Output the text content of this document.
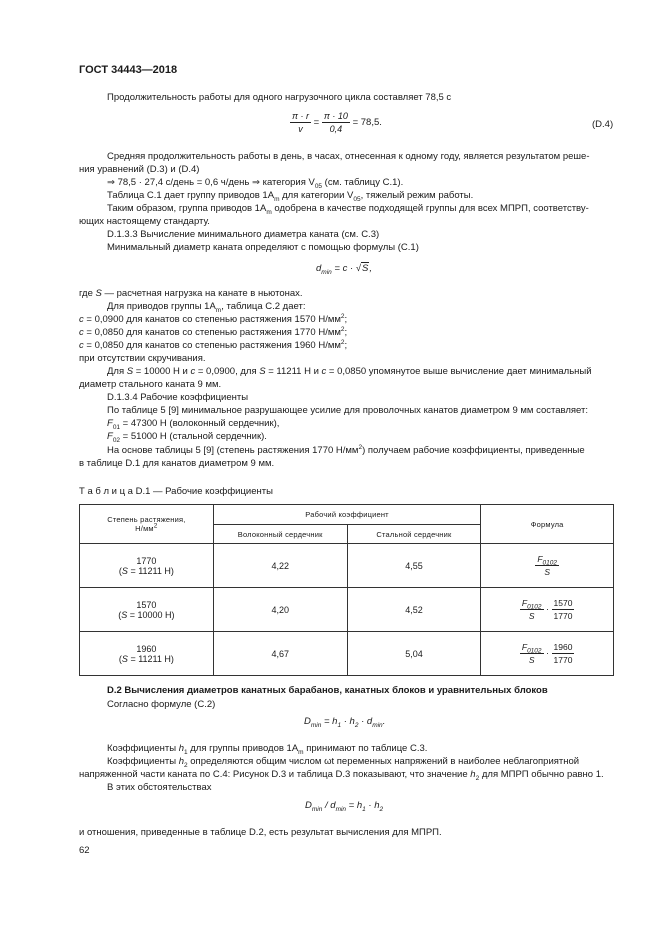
ГОСТ 34443—2018
Продолжительность работы для одного нагрузочного цикла составляет 78,5 с
$\frac{\pi \cdot r}{v} = \frac{\pi \cdot 10}{0,4} = 78,5$.	(D.4)
Средняя продолжительность работы в день, в часах, отнесенная к одному году, является результатом реше-
ния уравнений (D.3) и (D.4)
⇒ 78,5 · 27,4 с/день = 0,6 ч/день ⇒ категория $V_{05}$ (см. таблицу С.1).
Таблица С.1 дает группу приводов $1А_m$ для категории $V_{05}$, тяжелый режим работы.
Таким образом, группа приводов $1А_m$ одобрена в качестве подходящей группы для всех МПРП, соответству-
ющих настоящему стандарту.
D.1.3.3 Вычисление минимального диаметра каната (см. С.3)
Минимальный диаметр каната определяют с помощью формулы (С.1)
$d_{min} = c \cdot √S$,
где S — расчетная нагрузка на канате в ньютонах.
Для приводов группы $1А_m$, таблица С.2 дает:
c = 0,0900 для канатов со степенью растяжения 1570 $Н/мм^2$;
c = 0,0850 для канатов со степенью растяжения 1770 $Н/мм^2$;
c = 0,0850 для канатов со степенью растяжения 1960 $Н/мм^2$;
при отсутствии скручивания.
Для S = 10000 Н и c = 0,0900, для S = 11211 Н и c = 0,0850 упомянутое выше вычисление дает минимальный
диаметр стального каната 9 мм.
D.1.3.4 Рабочие коэффициенты
По таблице 5 [9] минимальное разрушающее усилие для проволочных канатов диаметром 9 мм составляет:
$F_{01} = 47300$ Н (волоконный сердечник),
$F_{02} = 51000$ Н (стальной сердечник).
На основе таблицы 5 [9] (степень растяжения 1770 $Н/мм^2$) получаем рабочие коэффициенты, приведенные
в таблице D.1 для канатов диаметром 9 мм.
Т а б л и ц а D.1 — Рабочие коэффициенты
Степень растяжения,
$Н/мм^2$	Рабочий коэффициент		Формула
	Волоконный сердечник	Стальной сердечник	
1770
(S = 11211 Н)	4,22	4,55	$\frac{F_{0102}}{S}$

1570
(S = 10000 Н)	4,20	4,52	$\frac{F_{0102}}{S} \cdot \frac{1570}{1770}$

1960
(S = 11211 Н)	4,67	5,04	$\frac{F_{0102}}{S} \cdot \frac{1960}{1770}$
D.2 Вычисления диаметров канатных барабанов, канатных блоков и уравнительных блоков
Согласно формуле (С.2)
$D_{min} = h_1 \cdot h_2 \cdot d_{min}$.
Коэффициенты $h_1$ для группы приводов $1А_m$ принимают по таблице С.3.
Коэффициенты $h_2$ определяются общим числом ωt переменных напряжений в наиболее неблагоприятной
напряженной части каната по С.4: Рисунок D.3 и таблица D.3 показывают, что значение $h_2$ для МПРП обычно равно 1.
В этих обстоятельствах
$D_{min} / d_{min} = h_1 \cdot h_2$
и отношения, приведенные в таблице D.2, есть результат вычисления для МПРП.
62
